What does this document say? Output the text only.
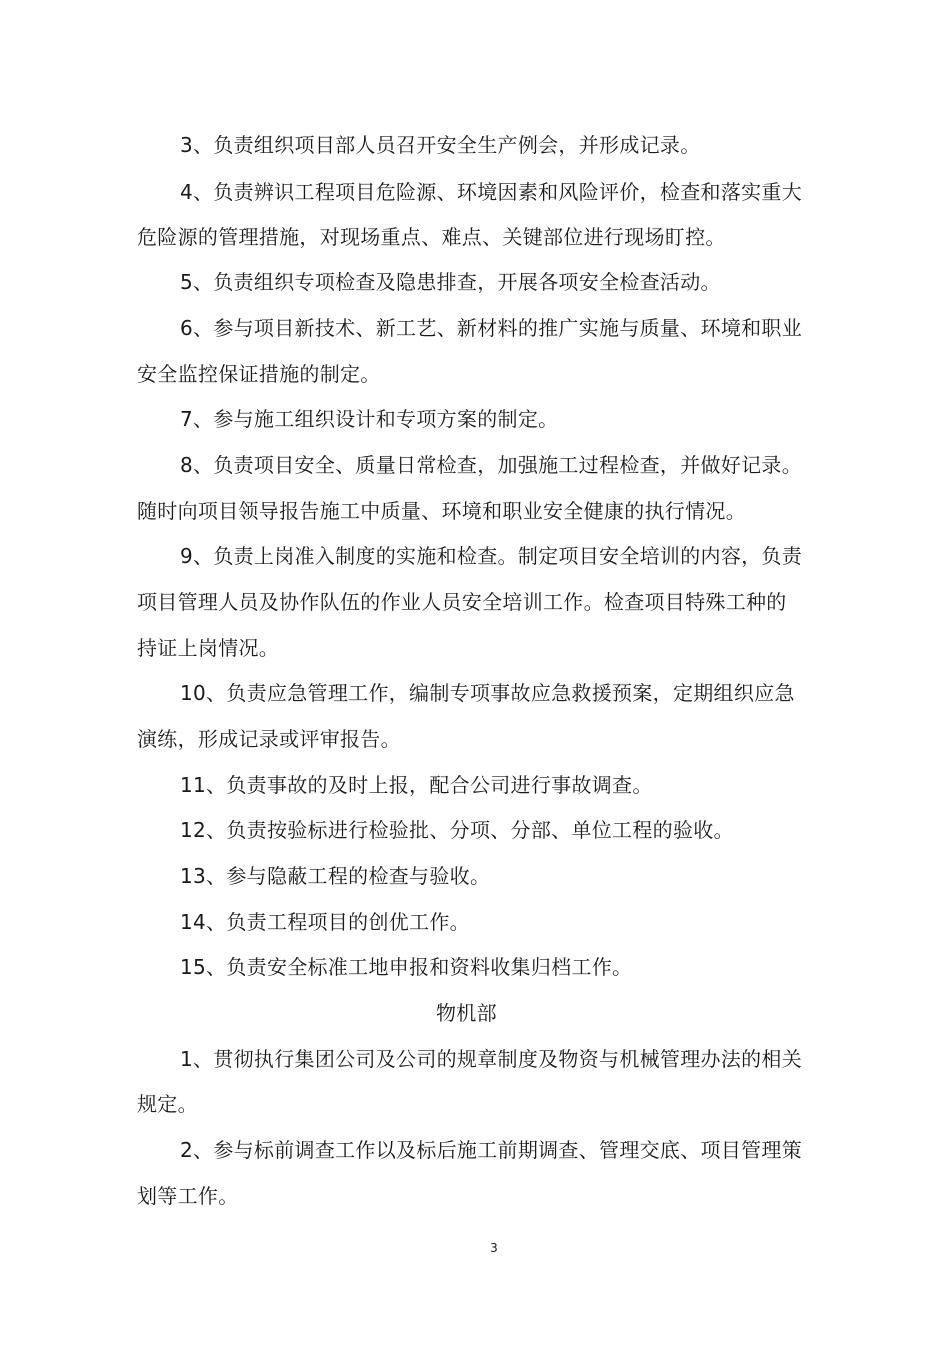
3、负责组织项目部人员召开安全生产例会，并形成记录。
4、负责辨识工程项目危险源、环境因素和风险评价，检查和落实重大
危险源的管理措施，对现场重点、难点、关键部位进行现场盯控。
5、负责组织专项检查及隐患排查，开展各项安全检查活动。
6、参与项目新技术、新工艺、新材料的推广实施与质量、环境和职业
安全监控保证措施的制定。
7、参与施工组织设计和专项方案的制定。
8、负责项目安全、质量日常检查，加强施工过程检查，并做好记录。
随时向项目领导报告施工中质量、环境和职业安全健康的执行情况。
9、负责上岗准入制度的实施和检查。制定项目安全培训的内容，负责
项目管理人员及协作队伍的作业人员安全培训工作。检查项目特殊工种的
持证上岗情况。
10、负责应急管理工作，编制专项事故应急救援预案，定期组织应急
演练，形成记录或评审报告。
11、负责事故的及时上报，配合公司进行事故调查。
12、负责按验标进行检验批、分项、分部、单位工程的验收。
13、参与隐蔽工程的检查与验收。
14、负责工程项目的创优工作。
15、负责安全标准工地申报和资料收集归档工作。
物机部
1、贯彻执行集团公司及公司的规章制度及物资与机械管理办法的相关
规定。
2、参与标前调查工作以及标后施工前期调查、管理交底、项目管理策
划等工作。
3
